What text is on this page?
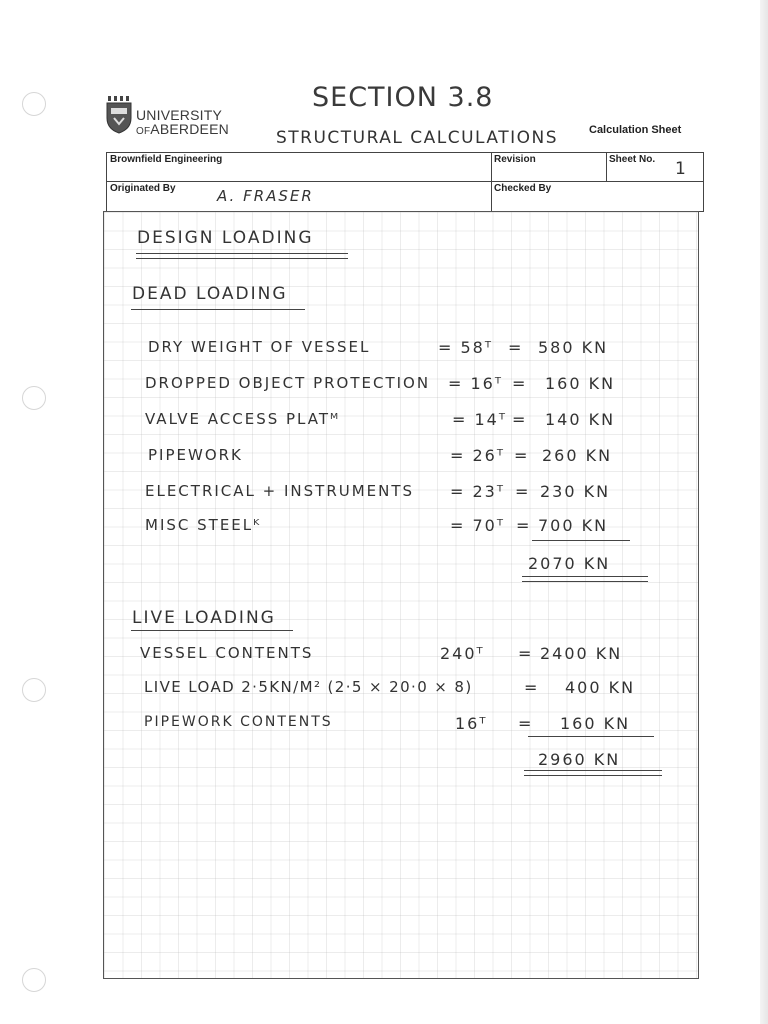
UNIVERSITY
OFABERDEEN
SECTION 3.8
STRUCTURAL CALCULATIONS	Calculation Sheet
Brownfield Engineering	Revision	Sheet No. 1
Originated By	A. FRASER	Checked By
DESIGN LOADING
DEAD LOADING
DRY WEIGHT OF VESSEL	= 58ᵀ = 580 KN
DROPPED OBJECT PROTECTION = 16ᵀ = 160 KN
VALVE ACCESS PLATᴹ	= 14ᵀ = 140 KN
PIPEWORK	= 26ᵀ = 260 KN
ELECTRICAL + INSTRUMENTS = 23ᵀ = 230 KN
MISC STEELᴷ	= 70ᵀ = 700 KN
2070 KN
LIVE LOADING
VESSEL CONTENTS	240ᵀ = 2400 KN
LIVE LOAD 2·5KN/M² (2·5 × 20·0 × 8)	= 400 KN
PIPEWORK CONTENTS	16ᵀ = 160 KN
2960 KN
